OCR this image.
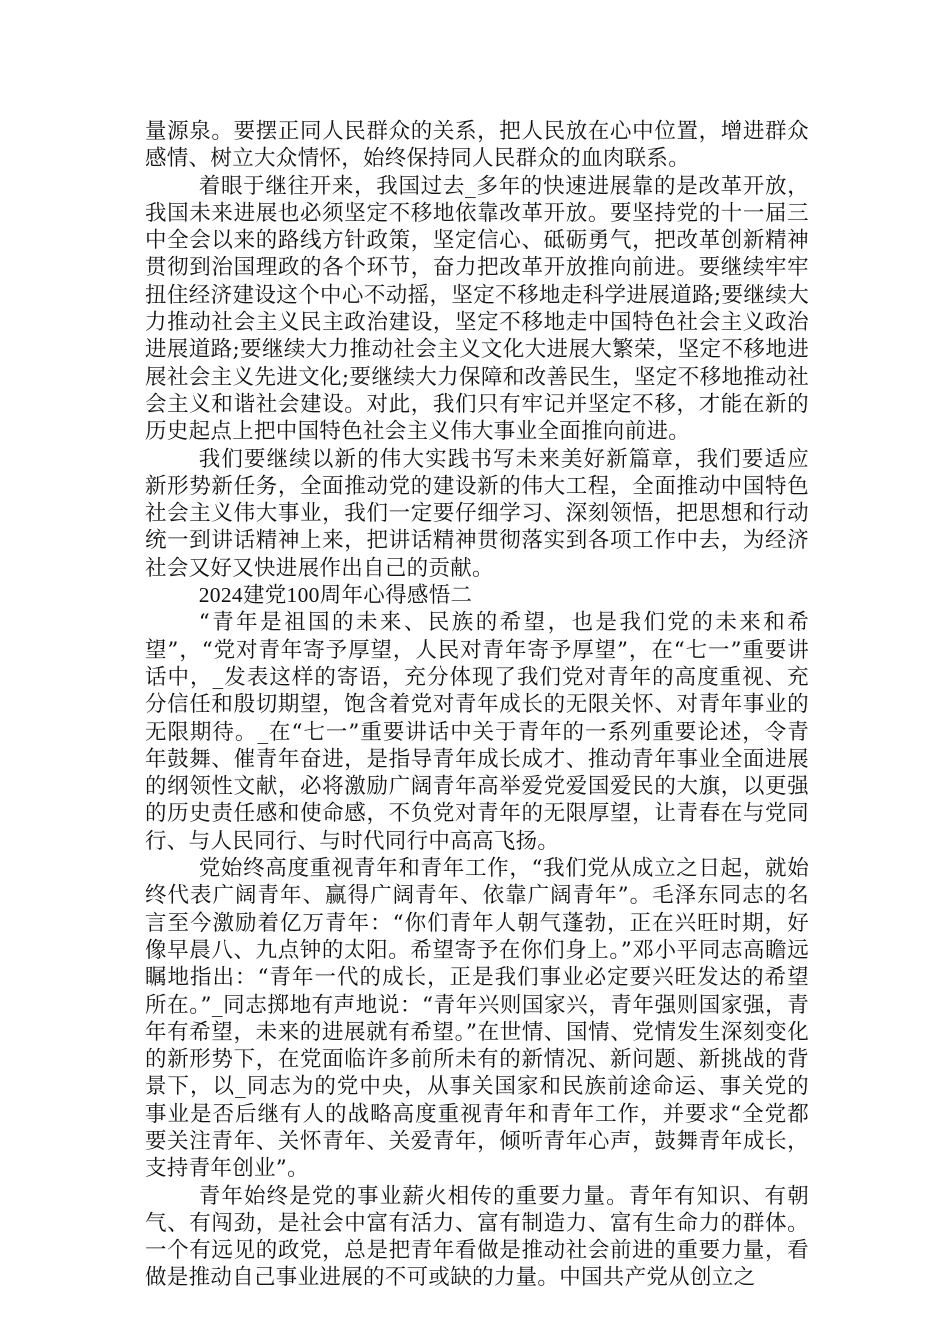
量源泉。要摆正同人民群众的关系，把人民放在心中位置，增进群众感情、树立大众情怀，始终保持同人民群众的血肉联系。

着眼于继往开来，我国过去_多年的快速进展靠的是改革开放，我国未来进展也必须坚定不移地依靠改革开放。要坚持党的十一届三中全会以来的路线方针政策，坚定信心、砥砺勇气，把改革创新精神贯彻到治国理政的各个环节，奋力把改革开放推向前进。要继续牢牢扭住经济建设这个中心不动摇，坚定不移地走科学进展道路;要继续大力推动社会主义民主政治建设，坚定不移地走中国特色社会主义政治进展道路;要继续大力推动社会主义文化大进展大繁荣，坚定不移地进展社会主义先进文化;要继续大力保障和改善民生，坚定不移地推动社会主义和谐社会建设。对此，我们只有牢记并坚定不移，才能在新的历史起点上把中国特色社会主义伟大事业全面推向前进。

我们要继续以新的伟大实践书写未来美好新篇章，我们要适应新形势新任务，全面推动党的建设新的伟大工程，全面推动中国特色社会主义伟大事业，我们一定要仔细学习、深刻领悟，把思想和行动统一到讲话精神上来，把讲话精神贯彻落实到各项工作中去，为经济社会又好又快进展作出自己的贡献。

2024建党100周年心得感悟二

“青年是祖国的未来、民族的希望，也是我们党的未来和希望”，“党对青年寄予厚望，人民对青年寄予厚望”，在“七一”重要讲话中，_发表这样的寄语，充分体现了我们党对青年的高度重视、充分信任和殷切期望，饱含着党对青年成长的无限关怀、对青年事业的无限期待。_在“七一”重要讲话中关于青年的一系列重要论述，令青年鼓舞、催青年奋进，是指导青年成长成才、推动青年事业全面进展的纲领性文献，必将激励广阔青年高举爱党爱国爱民的大旗，以更强的历史责任感和使命感，不负党对青年的无限厚望，让青春在与党同行、与人民同行、与时代同行中高高飞扬。

党始终高度重视青年和青年工作，“我们党从成立之日起，就始终代表广阔青年、赢得广阔青年、依靠广阔青年”。毛泽东同志的名言至今激励着亿万青年：“你们青年人朝气蓬勃，正在兴旺时期，好像早晨八、九点钟的太阳。希望寄予在你们身上。”邓小平同志高瞻远瞩地指出：“青年一代的成长，正是我们事业必定要兴旺发达的希望所在。”_同志掷地有声地说：“青年兴则国家兴，青年强则国家强，青年有希望，未来的进展就有希望。”在世情、国情、党情发生深刻变化的新形势下，在党面临许多前所未有的新情况、新问题、新挑战的背景下，以_同志为的党中央，从事关国家和民族前途命运、事关党的事业是否后继有人的战略高度重视青年和青年工作，并要求“全党都要关注青年、关怀青年、关爱青年，倾听青年心声，鼓舞青年成长，支持青年创业”。

青年始终是党的事业薪火相传的重要力量。青年有知识、有朝气、有闯劲，是社会中富有活力、富有制造力、富有生命力的群体。一个有远见的政党，总是把青年看做是推动社会前进的重要力量，看做是推动自己事业进展的不可或缺的力量。中国共产党从创立之
